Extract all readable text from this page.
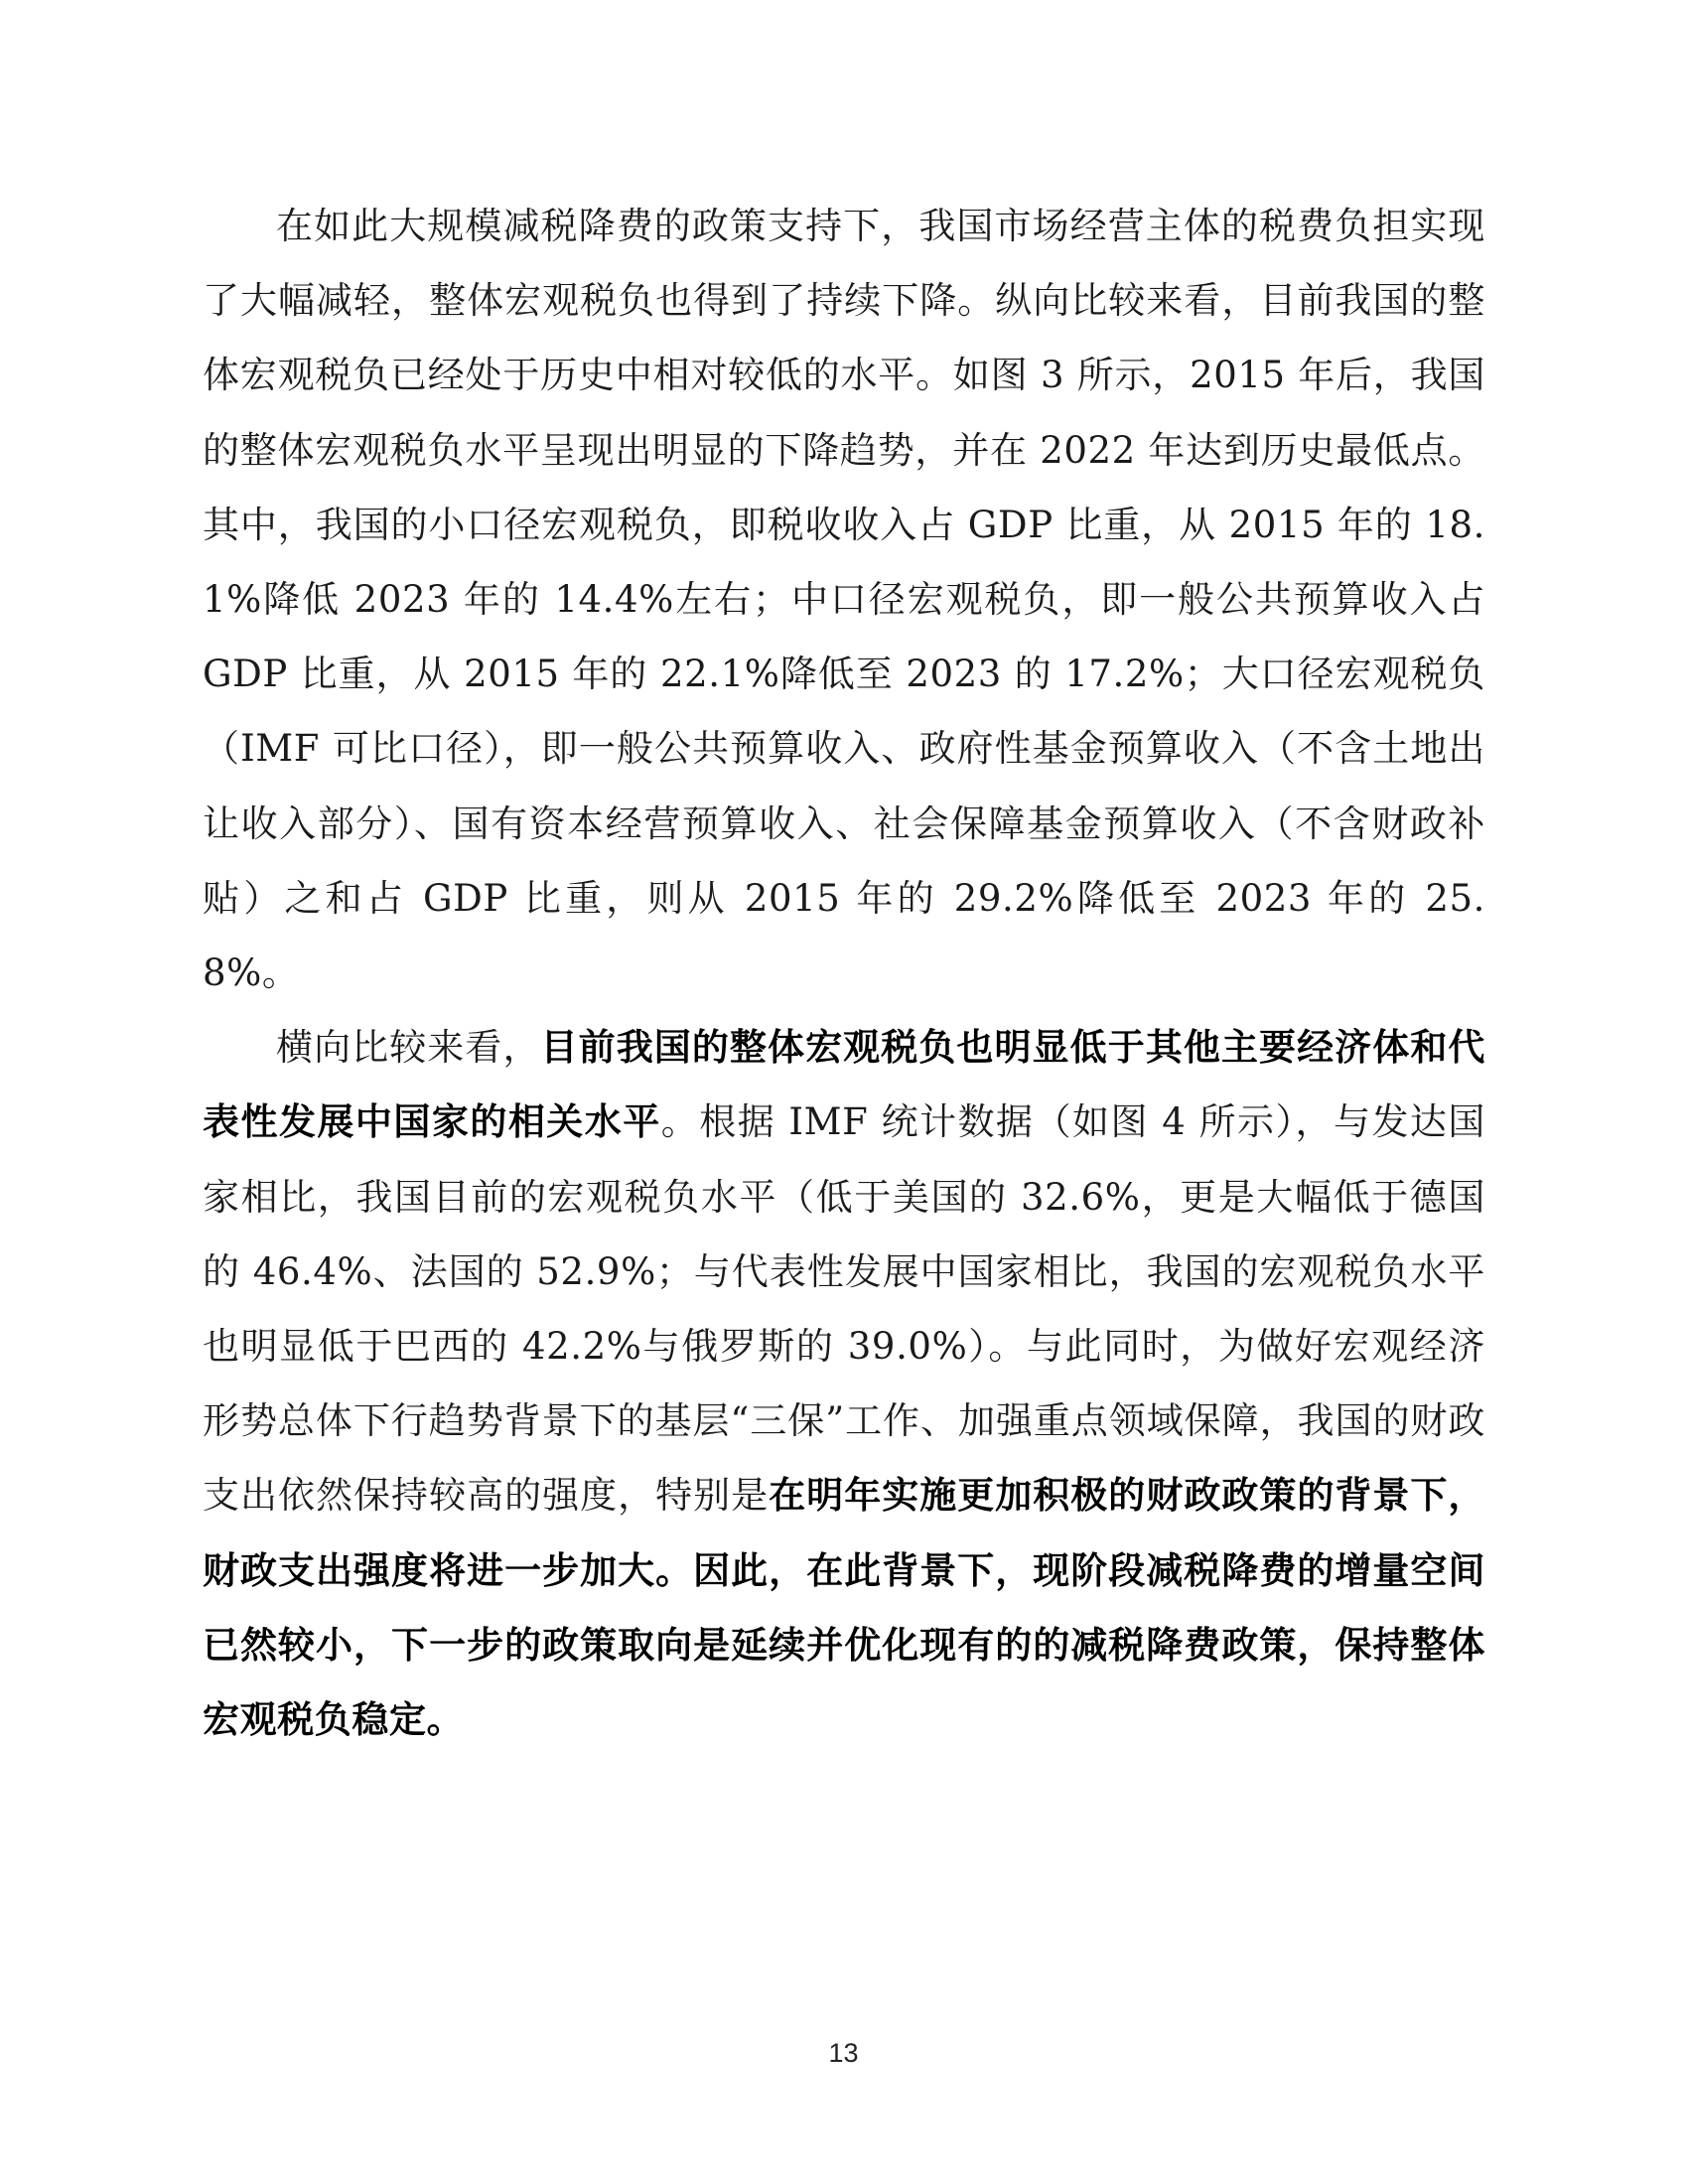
在如此大规模减税降费的政策支持下，我国市场经营主体的税费负担实现了大幅减轻，整体宏观税负也得到了持续下降。纵向比较来看，目前我国的整体宏观税负已经处于历史中相对较低的水平。如图 3 所示，2015 年后，我国的整体宏观税负水平呈现出明显的下降趋势，并在 2022 年达到历史最低点。其中，我国的小口径宏观税负，即税收收入占 GDP 比重，从 2015 年的 18.1%降低 2023 年的 14.4%左右；中口径宏观税负，即一般公共预算收入占 GDP 比重，从 2015 年的 22.1%降低至 2023 的 17.2%；大口径宏观税负（IMF 可比口径），即一般公共预算收入、政府性基金预算收入（不含土地出让收入部分）、国有资本经营预算收入、社会保障基金预算收入（不含财政补贴）之和占 GDP 比重，则从 2015 年的 29.2%降低至 2023 年的 25.8%。

横向比较来看，目前我国的整体宏观税负也明显低于其他主要经济体和代表性发展中国家的相关水平。根据 IMF 统计数据（如图 4 所示），与发达国家相比，我国目前的宏观税负水平（低于美国的 32.6%，更是大幅低于德国的 46.4%、法国的 52.9%；与代表性发展中国家相比，我国的宏观税负水平也明显低于巴西的 42.2%与俄罗斯的 39.0%）。与此同时，为做好宏观经济形势总体下行趋势背景下的基层“三保”工作、加强重点领域保障，我国的财政支出依然保持较高的强度，特别是在明年实施更加积极的财政政策的背景下，财政支出强度将进一步加大。因此，在此背景下，现阶段减税降费的增量空间已然较小，下一步的政策取向是延续并优化现有的的减税降费政策，保持整体宏观税负稳定。

13
